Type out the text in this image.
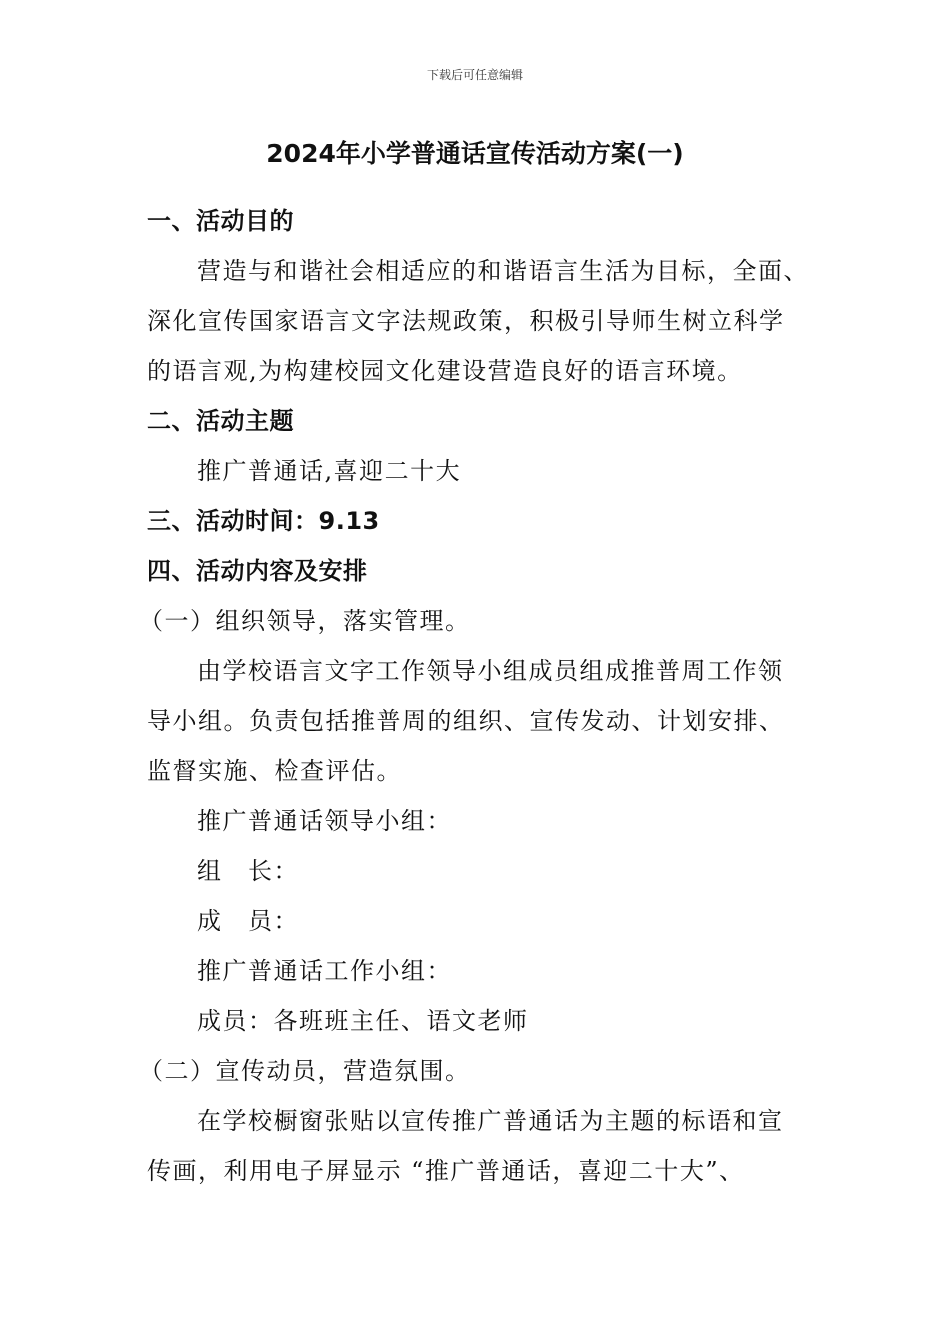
下载后可任意编辑
2024年小学普通话宣传活动方案(一)
一、活动目的
营造与和谐社会相适应的和谐语言生活为目标，全面、
深化宣传国家语言文字法规政策，积极引导师生树立科学
的语言观,为构建校园文化建设营造良好的语言环境。
二、活动主题
推广普通话,喜迎二十大
三、活动时间：9.13
四、活动内容及安排
（一）组织领导，落实管理。
由学校语言文字工作领导小组成员组成推普周工作领
导小组。负责包括推普周的组织、宣传发动、计划安排、
监督实施、检查评估。
推广普通话领导小组：
组　长：
成　员：
推广普通话工作小组：
成员：各班班主任、语文老师
（二）宣传动员，营造氛围。
在学校橱窗张贴以宣传推广普通话为主题的标语和宣
传画，利用电子屏显示 “推广普通话，喜迎二十大”、
